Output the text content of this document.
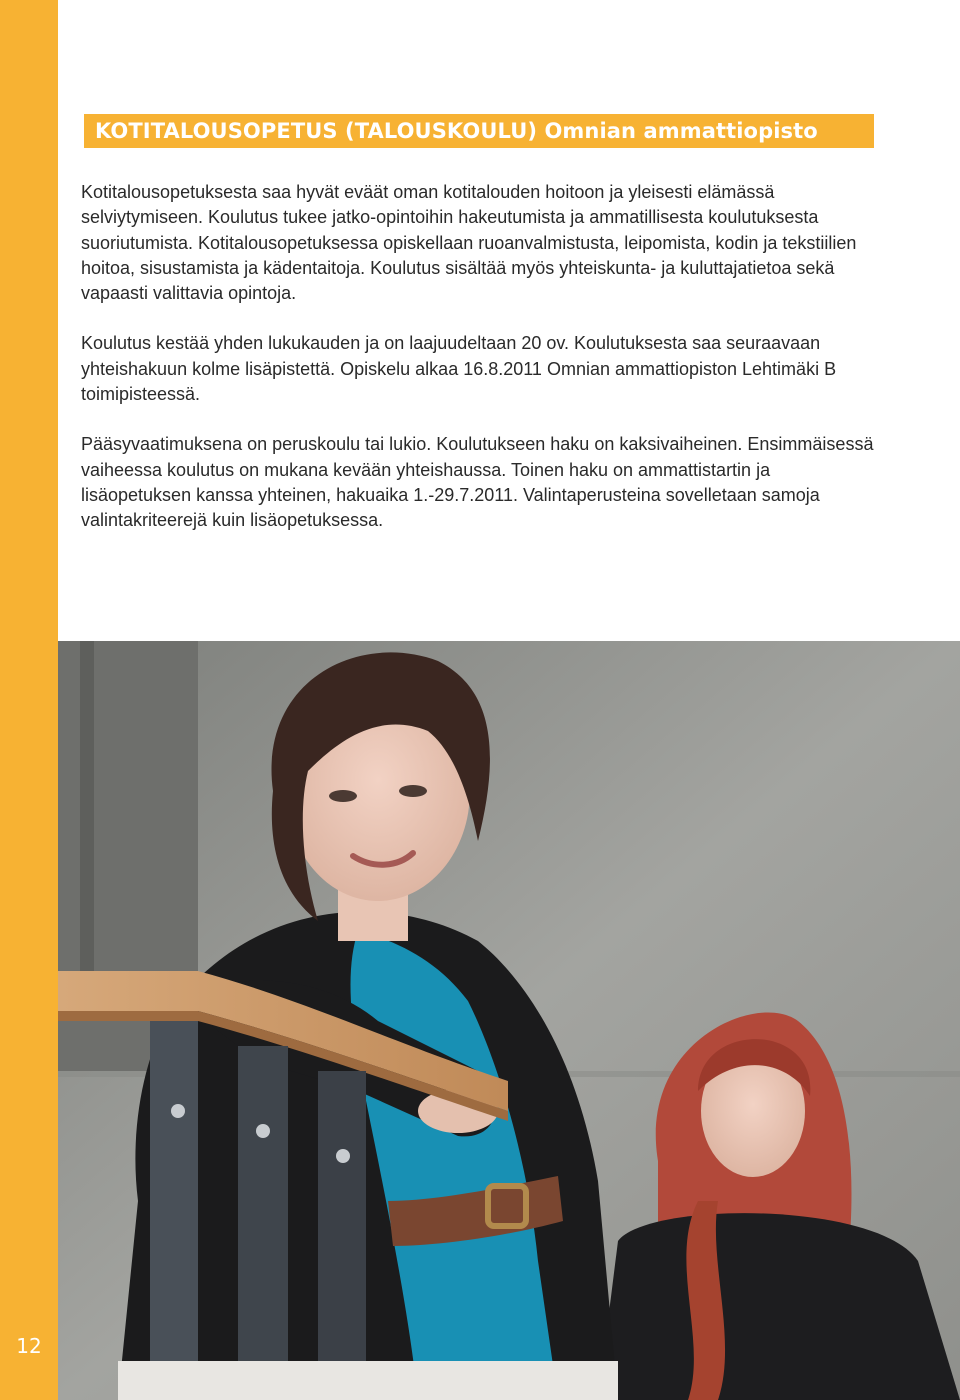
12
KOTITALOUSOPETUS (TALOUSKOULU) Omnian ammattiopisto

Kotitalousopetuksesta saa hyvät eväät oman kotitalouden hoitoon ja yleisesti elämässä selviytymiseen. Koulutus tukee jatko-opintoihin hakeutumista ja ammatillisesta koulutuksesta suoriutumista. Kotitalousopetuksessa opiskellaan ruoanvalmistusta, leipomista, kodin ja tekstiilien hoitoa, sisustamista ja kädentaitoja. Koulutus sisältää myös yhteiskunta- ja kuluttajatietoa sekä vapaasti valittavia opintoja.

Koulutus kestää yhden lukukauden ja on laajuudeltaan 20 ov. Koulutuksesta saa seuraavaan yhteishakuun kolme lisäpistettä. Opiskelu alkaa 16.8.2011 Omnian ammattiopiston Lehtimäki B toimipisteessä.

Pääsyvaatimuksena on peruskoulu tai lukio. Koulutukseen haku on kaksivaiheinen. Ensimmäisessä vaiheessa koulutus on mukana kevään yhteishaussa. Toinen haku on ammattistartin ja lisäopetuksen kanssa yhteinen, hakuaika 1.-29.7.2011. Valintaperusteina sovelletaan samoja valintakriteerejä kuin lisäopetuksessa.
